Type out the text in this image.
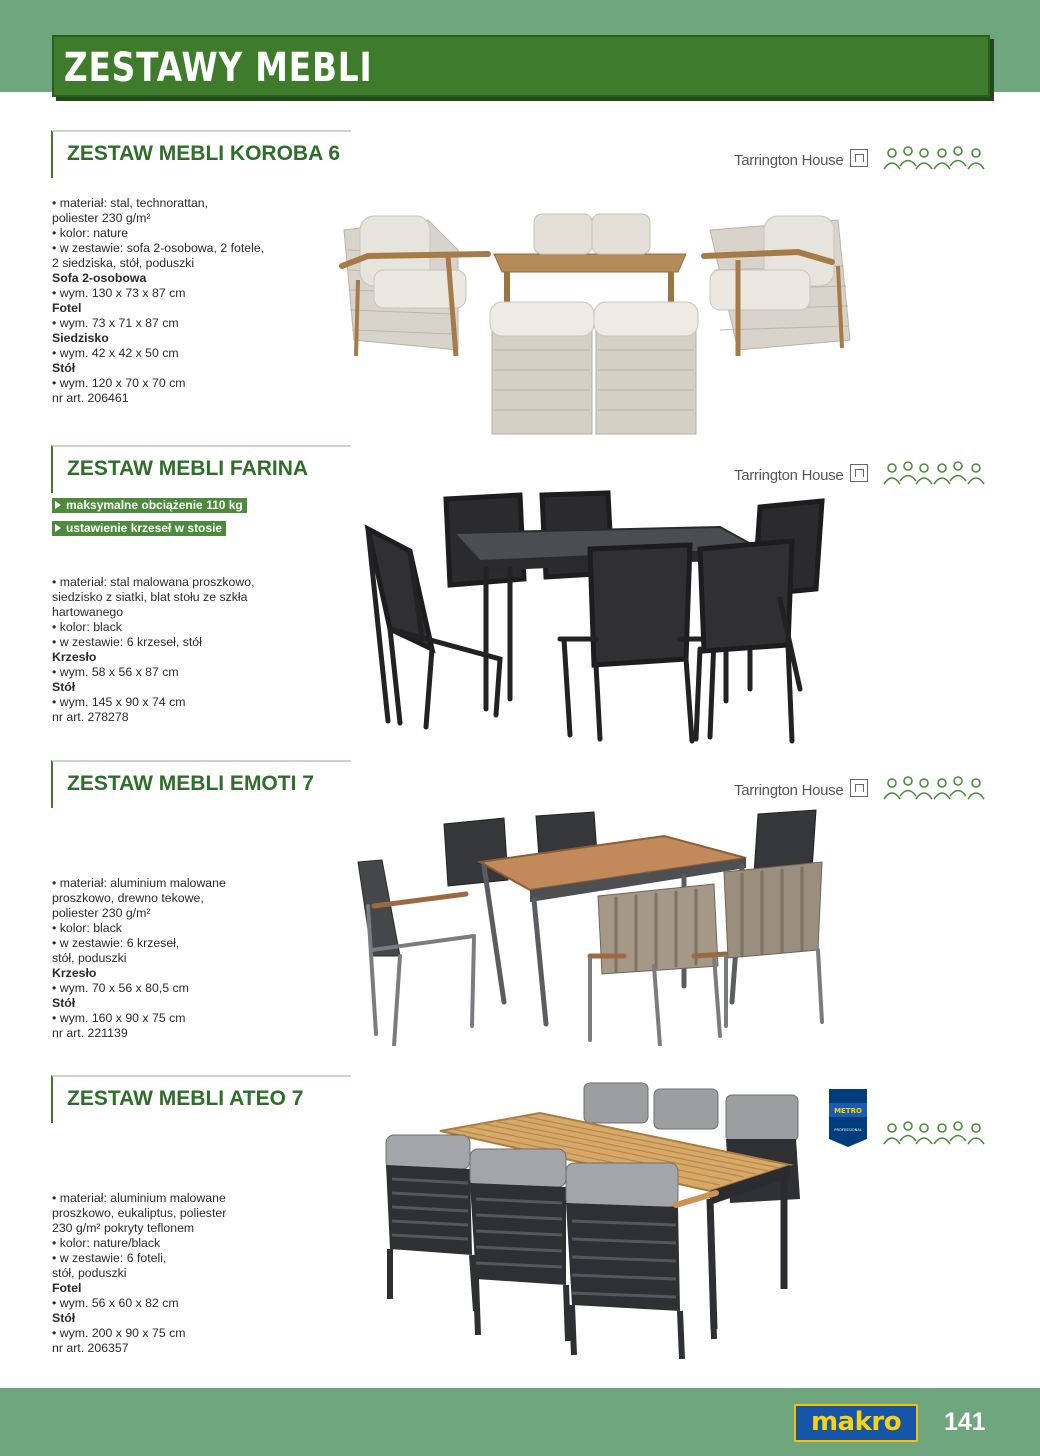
ZESTAWY MEBLI
ZESTAW MEBLI KOROBA 6	Tarrington House

• materiał: stal, technorattan,

poliester 230 g/m²

• kolor: nature

• w zestawie: sofa 2-osobowa, 2 fotele,

2 siedziska, stół, poduszki

Sofa 2-osobowa

• wym. 130 x 73 x 87 cm

Fotel

• wym. 73 x 71 x 87 cm

Siedzisko

• wym. 42 x 42 x 50 cm

Stół

• wym. 120 x 70 x 70 cm

nr art. 206461

ZESTAW MEBLI FARINA	Tarrington House
maksymalne obciążenie 110 kg
ustawienie krzeseł w stosie

• materiał: stal malowana proszkowo,

siedzisko z siatki, blat stołu ze szkła

hartowanego

• kolor: black

• w zestawie: 6 krzeseł, stół

Krzesło

• wym. 58 x 56 x 87 cm

Stół

• wym. 145 x 90 x 74 cm

nr art. 278278

ZESTAW MEBLI EMOTI 7	Tarrington House

• materiał: aluminium malowane

proszkowo, drewno tekowe,

poliester 230 g/m²

• kolor: black

• w zestawie: 6 krzeseł,

stół, poduszki

Krzesło

• wym. 70 x 56 x 80,5 cm

Stół

• wym. 160 x 90 x 75 cm

nr art. 221139

ZESTAW MEBLI ATEO 7

• materiał: aluminium malowane

proszkowo, eukaliptus, poliester

230 g/m² pokryty teflonem

• kolor: nature/black

• w zestawie: 6 foteli,

stół, poduszki

Fotel

• wym. 56 x 60 x 82 cm

Stół

• wym. 200 x 90 x 75 cm

nr art. 206357

METRO
PROFESSIONAL
makro	141
